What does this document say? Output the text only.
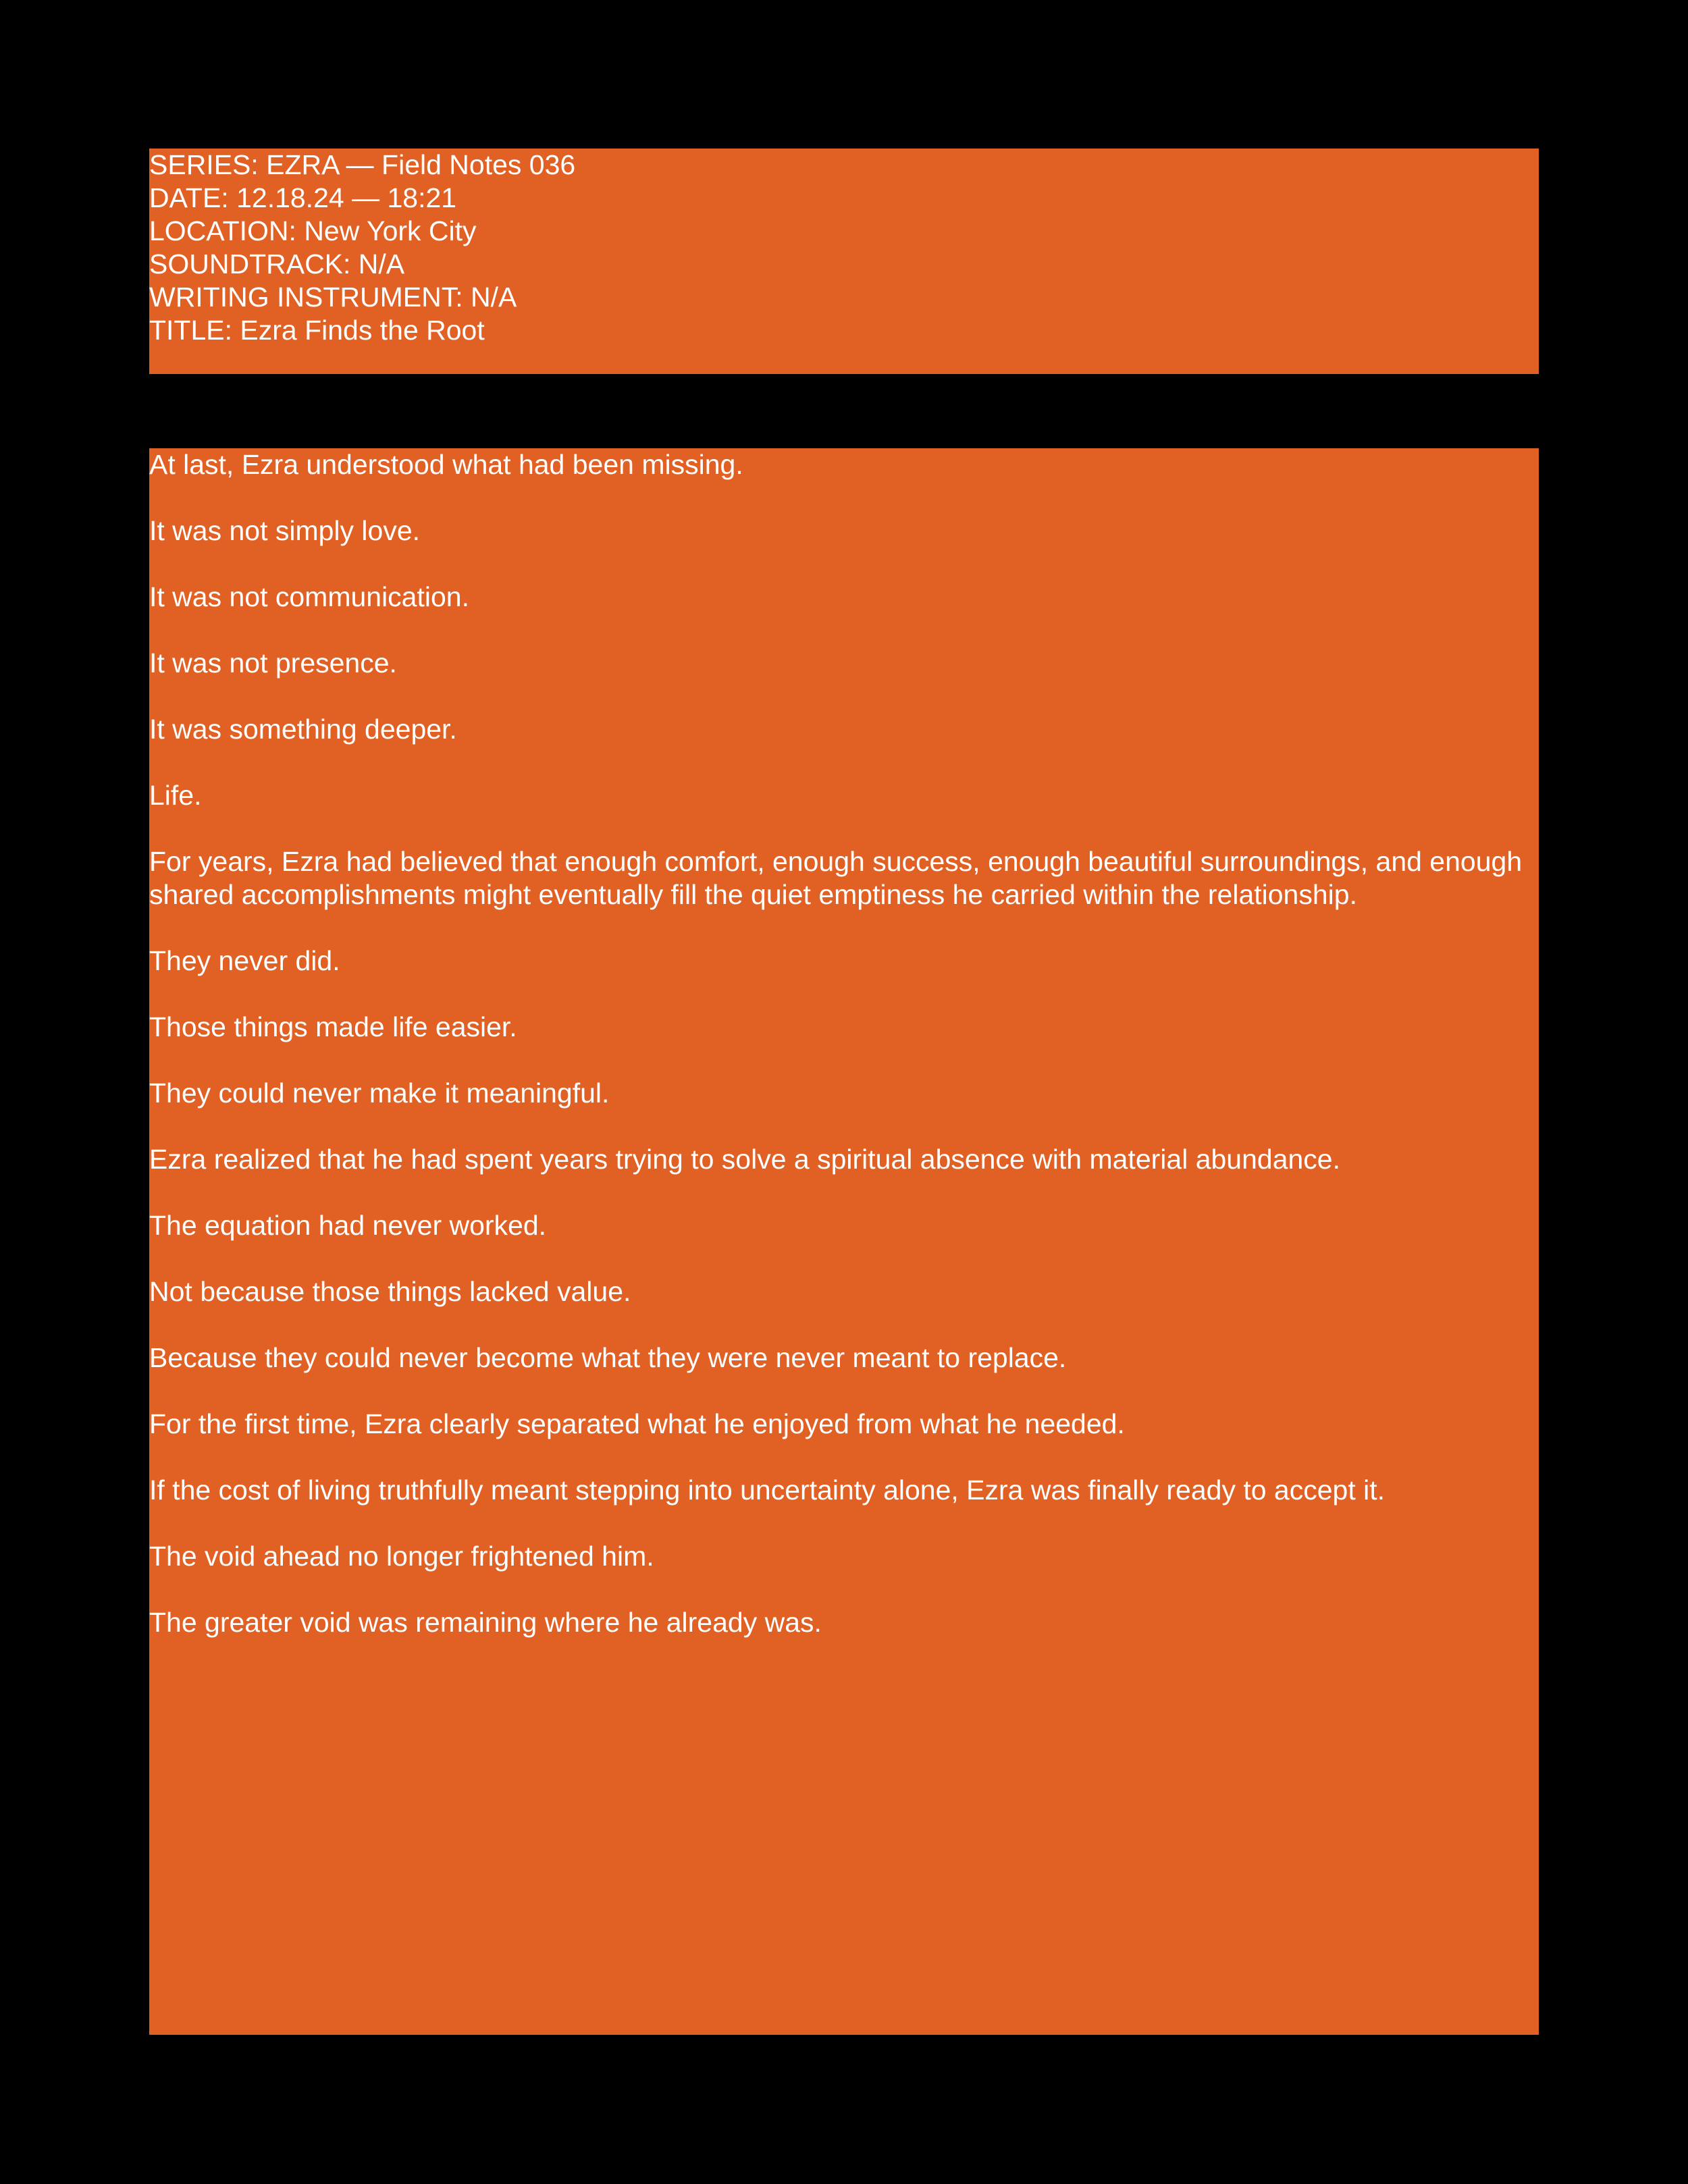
SERIES: EZRA — Field Notes 036
DATE: 12.18.24 — 18:21
LOCATION: New York City
SOUNDTRACK: N/A
WRITING INSTRUMENT: N/A
TITLE: Ezra Finds the Root

At last, Ezra understood what had been missing.

It was not simply love.

It was not communication.

It was not presence.

It was something deeper.

Life.

For years, Ezra had believed that enough comfort, enough success, enough beautiful surroundings, and enough shared accomplishments might eventually fill the quiet emptiness he carried within the relationship.

They never did.

Those things made life easier.

They could never make it meaningful.

Ezra realized that he had spent years trying to solve a spiritual absence with material abundance.

The equation had never worked.

Not because those things lacked value.

Because they could never become what they were never meant to replace.

For the first time, Ezra clearly separated what he enjoyed from what he needed.

If the cost of living truthfully meant stepping into uncertainty alone, Ezra was finally ready to accept it.

The void ahead no longer frightened him.

The greater void was remaining where he already was.
